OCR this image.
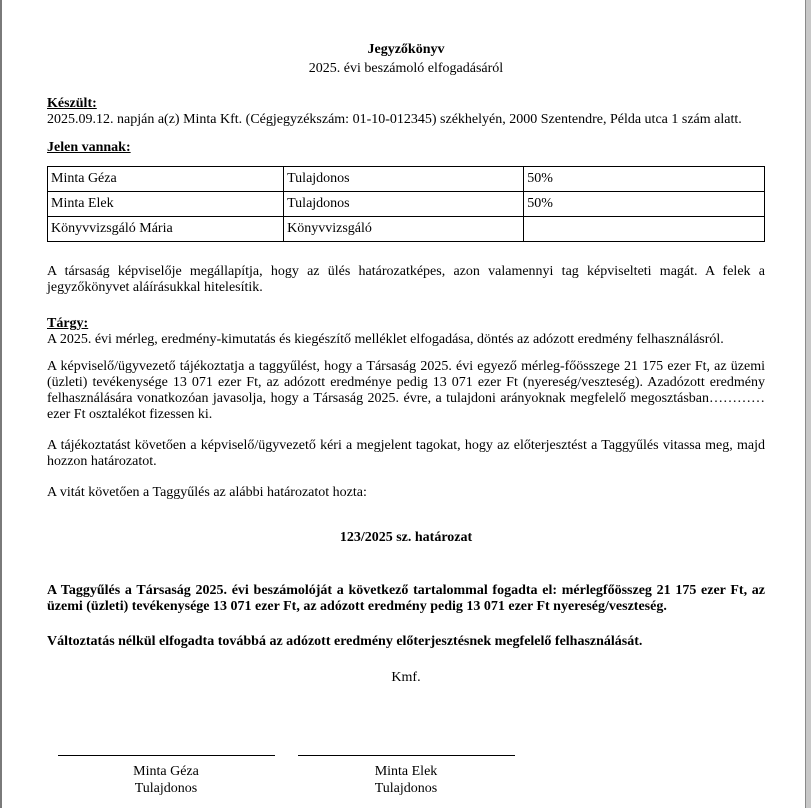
Jegyzőkönyv

2025. évi beszámoló elfogadásáról

Készült:

2025.09.12. napján a(z) Minta Kft. (Cégjegyzékszám: 01-10-012345) székhelyén, 2000 Szentendre, Példa utca 1 szám alatt.

Jelen vannak:

Minta Géza	Tulajdonos	50%
Minta Elek	Tulajdonos	50%
Könyvvizsgáló Mária	Könyvvizsgáló	

A társaság képviselője megállapítja, hogy az ülés határozatképes, azon valamennyi tag képviselteti magát. A felek a jegyzőkönyvet aláírásukkal hitelesítik.

Tárgy:

A 2025. évi mérleg, eredmény-kimutatás és kiegészítő melléklet elfogadása, döntés az adózott eredmény felhasználásról.

A képviselő/ügyvezető tájékoztatja a taggyűlést, hogy a Társaság 2025. évi egyező mérleg-főösszege 21 175 ezer Ft, az üzemi (üzleti) tevékenysége 13 071 ezer Ft, az adózott eredménye pedig 13 071 ezer Ft (nyereség/veszteség). Azadózott eredmény felhasználására vonatkozóan javasolja, hogy a Társaság 2025. évre, a tulajdoni arányoknak megfelelő megosztásban………… ezer Ft osztalékot fizessen ki.

A tájékoztatást követően a képviselő/ügyvezető kéri a megjelent tagokat, hogy az előterjesztést a Taggyűlés vitassa meg, majd hozzon határozatot.

A vitát követően a Taggyűlés az alábbi határozatot hozta:

123/2025 sz. határozat

A Taggyűlés a Társaság 2025. évi beszámolóját a következő tartalommal fogadta el: mérlegfőösszeg 21 175 ezer Ft, az üzemi (üzleti) tevékenysége 13 071 ezer Ft, az adózott eredmény pedig 13 071 ezer Ft nyereség/veszteség.

Változtatás nélkül elfogadta továbbá az adózott eredmény előterjesztésnek megfelelő felhasználását.

Kmf.

Minta Géza
Tulajdonos
Minta Elek
Tulajdonos
